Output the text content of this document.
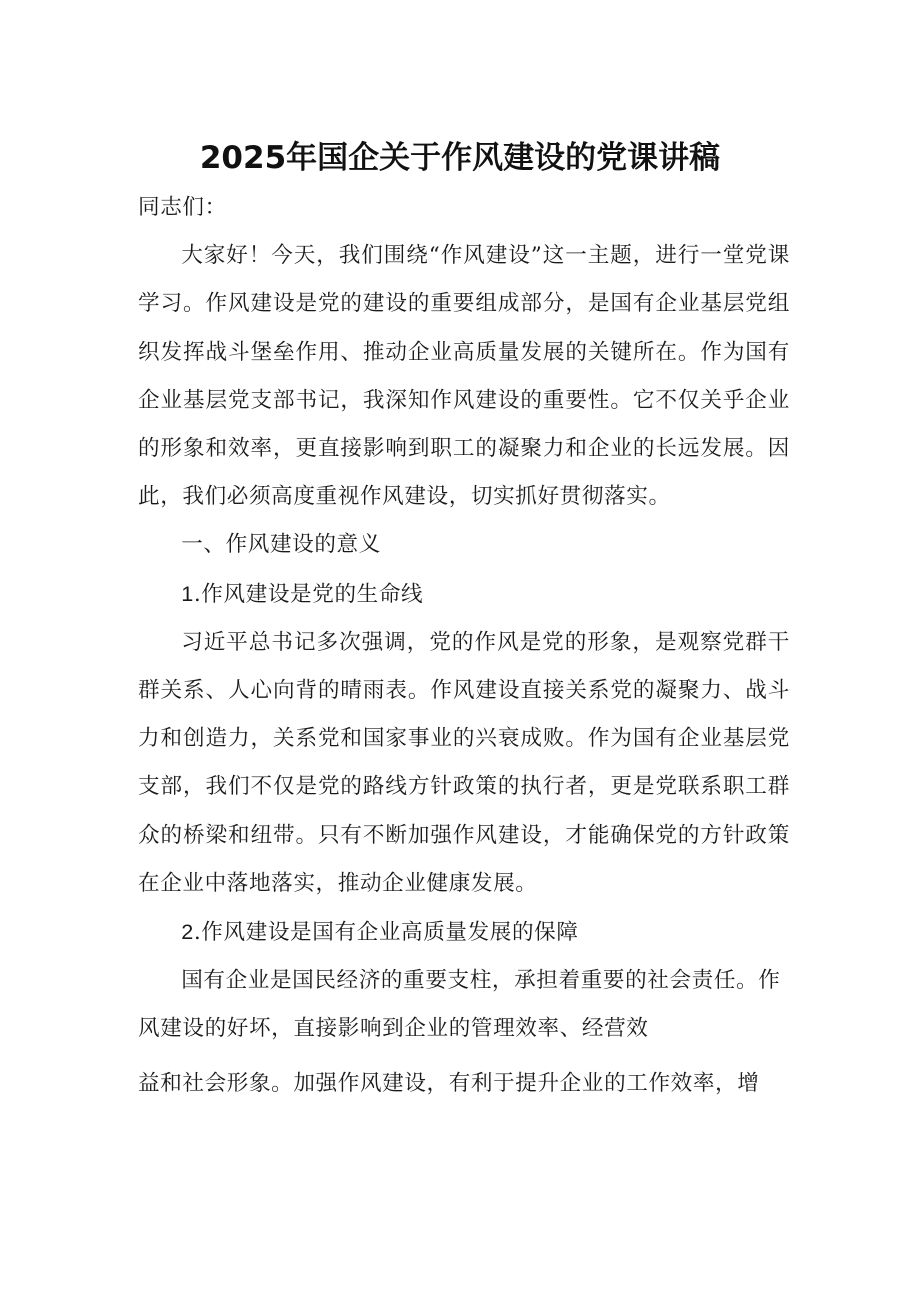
2025年国企关于作风建设的党课讲稿

同志们：

大家好！今天，我们围绕“作风建设”这一主题，进行一堂党课学习。作风建设是党的建设的重要组成部分，是国有企业基层党组织发挥战斗堡垒作用、推动企业高质量发展的关键所在。作为国有企业基层党支部书记，我深知作风建设的重要性。它不仅关乎企业的形象和效率，更直接影响到职工的凝聚力和企业的长远发展。因此，我们必须高度重视作风建设，切实抓好贯彻落实。

一、作风建设的意义

1.作风建设是党的生命线

习近平总书记多次强调，党的作风是党的形象，是观察党群干群关系、人心向背的晴雨表。作风建设直接关系党的凝聚力、战斗力和创造力，关系党和国家事业的兴衰成败。作为国有企业基层党支部，我们不仅是党的路线方针政策的执行者，更是党联系职工群众的桥梁和纽带。只有不断加强作风建设，才能确保党的方针政策在企业中落地落实，推动企业健康发展。

2.作风建设是国有企业高质量发展的保障

国有企业是国民经济的重要支柱，承担着重要的社会责任。作风建设的好坏，直接影响到企业的管理效率、经营效

益和社会形象。加强作风建设，有利于提升企业的工作效率，增
